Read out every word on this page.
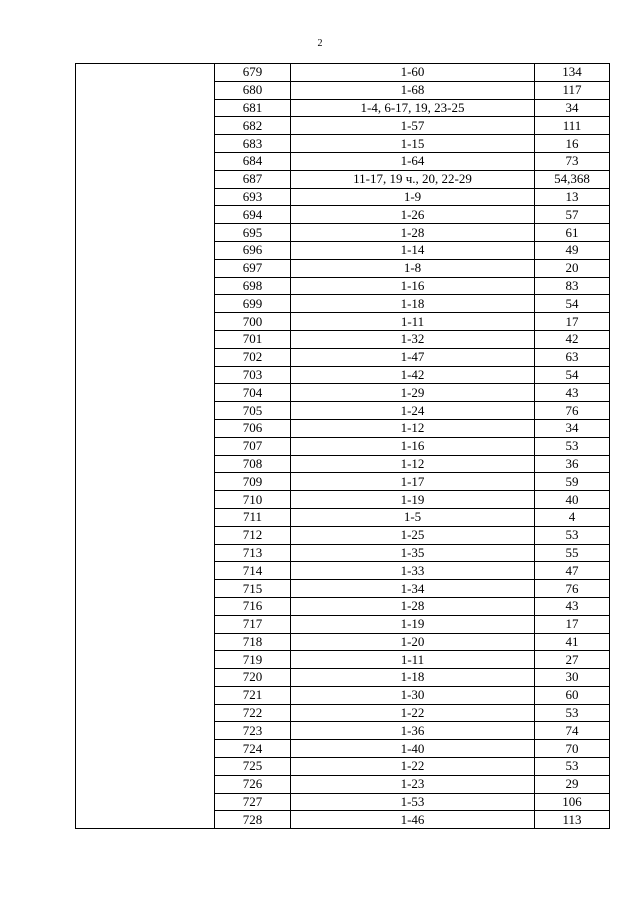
2
	679	1-60	134
	680	1-68	117
	681	1-4, 6-17, 19, 23-25	34
	682	1-57	111
	683	1-15	16
	684	1-64	73
	687	11-17, 19 ч., 20, 22-29	54,368
	693	1-9	13
	694	1-26	57
	695	1-28	61
	696	1-14	49
	697	1-8	20
	698	1-16	83
	699	1-18	54
	700	1-11	17
	701	1-32	42
	702	1-47	63
	703	1-42	54
	704	1-29	43
	705	1-24	76
	706	1-12	34
	707	1-16	53
	708	1-12	36
	709	1-17	59
	710	1-19	40
	711	1-5	4
	712	1-25	53
	713	1-35	55
	714	1-33	47
	715	1-34	76
	716	1-28	43
	717	1-19	17
	718	1-20	41
	719	1-11	27
	720	1-18	30
	721	1-30	60
	722	1-22	53
	723	1-36	74
	724	1-40	70
	725	1-22	53
	726	1-23	29
	727	1-53	106
	728	1-46	113
